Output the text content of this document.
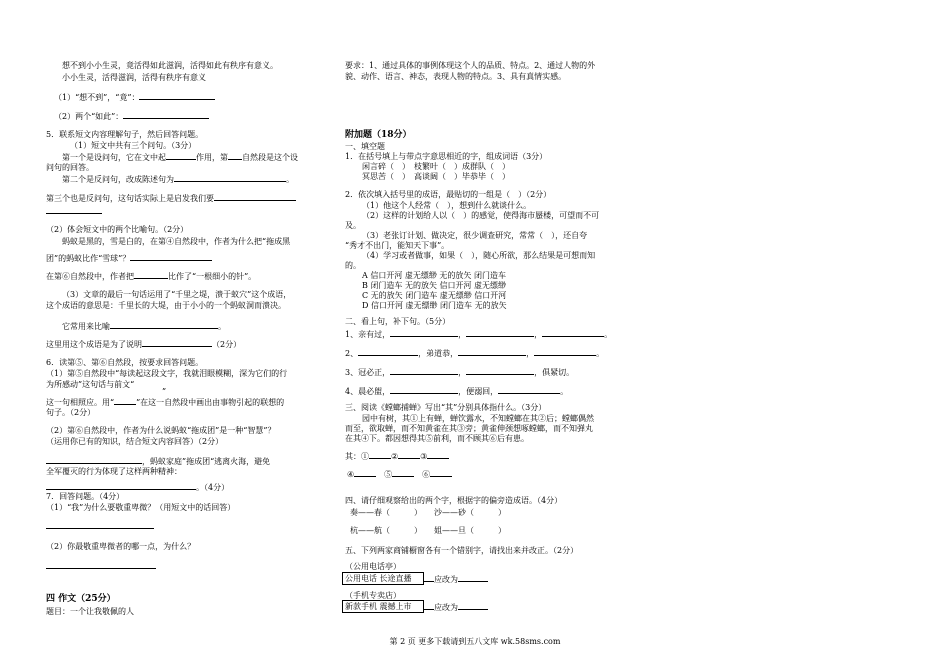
想不到小小生灵，竟活得如此滋润，活得如此有秩序有意义。
小小生灵，活得滋润，活得有秩序有意义
（1）“想不到”，“竟”：
（2）两个“如此”：
5．联系短文内容理解句子，然后回答问题。
（1）短文中共有三个问句。（3分）
第一个是设问句，它在文中起	作用，第 自然段是这个设
问句的回答。
第二个是反问句，改成陈述句为	。
第三个也是反问句，这句话实际上是启发我们要
（2）体会短文中的两个比喻句。（2分）
蚂蚁是黑的，雪是白的，在第④自然段中，作者为什么把“拖成黑
团”的蚂蚁比作“雪球”？
在第⑥自然段中，作者把	比作了“一根细小的针”。
（3）文章的最后一句话运用了“千里之堤，溃于蚁穴”这个成语，
这个成语的意思是：千里长的大堤，由于小小的一个蚂蚁洞而溃决。
它常用来比喻	。
这里用这个成语是为了说明	（2分）
6．读第⑤、第⑥自然段，按要求回答问题。
（1）第⑤自然段中“每读起这段文字，我就泪眼模糊，深为它们的行
为所感动”这句话与前文“
”
这一句相照应。用“	”在这一自然段中画出由事物引起的联想的
句子。（2分）
（2）第⑥自然段中，作者为什么说蚂蚁“拖成团”是一种“智慧”？
（运用你已有的知识，结合短文内容回答）（2分）
，蚂蚁家庭”拖成团“逃离火海，避免
全军覆灭的行为体现了这样两种精神：
。（4分）
7．回答问题。（4分）
（1）“我”为什么要敬重卑微？（用短文中的话回答）
（2）你最敬重卑微者的哪一点，为什么？
四 作文（25分）
题目：一个让我敬佩的人
要求：1、通过具体的事例体现这个人的品质、特点。2、通过人物的外
貌、动作、语言、神态，表现人物的特点。3、具有真情实感。
附加题（18分）
一、填空题
1．在括号填上与带点字意思相近的字，组成词语（3分）
闲言碎（　）　枝繁叶（　）成群队（　）
冥思苦（　）　高谈阔（　）毕恭毕（　）
2．依次填入括号里的成语，最贴切的一组是（　）（2分）
（1）他这个人经常（　），想到什么就谈什么。
（2）这样的计划给人以（　）的感觉，使得海市蜃楼，可望而不可
及。
（3）老张订计划、做决定，很少调查研究，常常（　），还自夸
“秀才不出门，能知天下事”。
（4）学习或者做事，如果（　），随心所欲，那么结果是可想而知
的。
A 信口开河 虚无缥缈 无的放矢 闭门造车
B 闭门造车 无的放矢 信口开河 虚无缥缈
C 无的放矢 闭门造车 虚无缥缈 信口开河
D 信口开河 虚无缥缈 闭门造车 无的放矢
二、看上句，补下句。（5分）
1、亲有过，	，	，	。
2、	，弟道恭，	，	。
3、冠必正，	，	，俱紧切。
4、晨必盥，	，便溺回，	。
三、阅读《螳螂捕蝉》写出“其”分别具体指什么。（3分）
园中有树，其①上有蝉，蝉饮露水，不知螳螂在其②后；螳螂偶然
而至，欲取蝉，而不知黄雀在其③旁；黄雀伸颈想啄螳螂，而不知弹丸
在其④下。都因想得其⑤前利，而不顾其⑥后有患。
其：①	②	③
④　	⑤　	⑥
四、请仔细观察给出的两个字，根据字的偏旁造成语。（4分）
奏——春（　　　）　　沙——砂（　　　）
杭——航（　　　）　　姐——旦（　　　）
五、下列两家商铺橱窗各有一个错别字，请找出来并改正。（2分）
（公用电话亭）
公用电话 长途直播	应改为
（手机专卖店）
新款手机 震撼上市	应改为
第 2 页 更多下载请到五八文库 wk.58sms.com
